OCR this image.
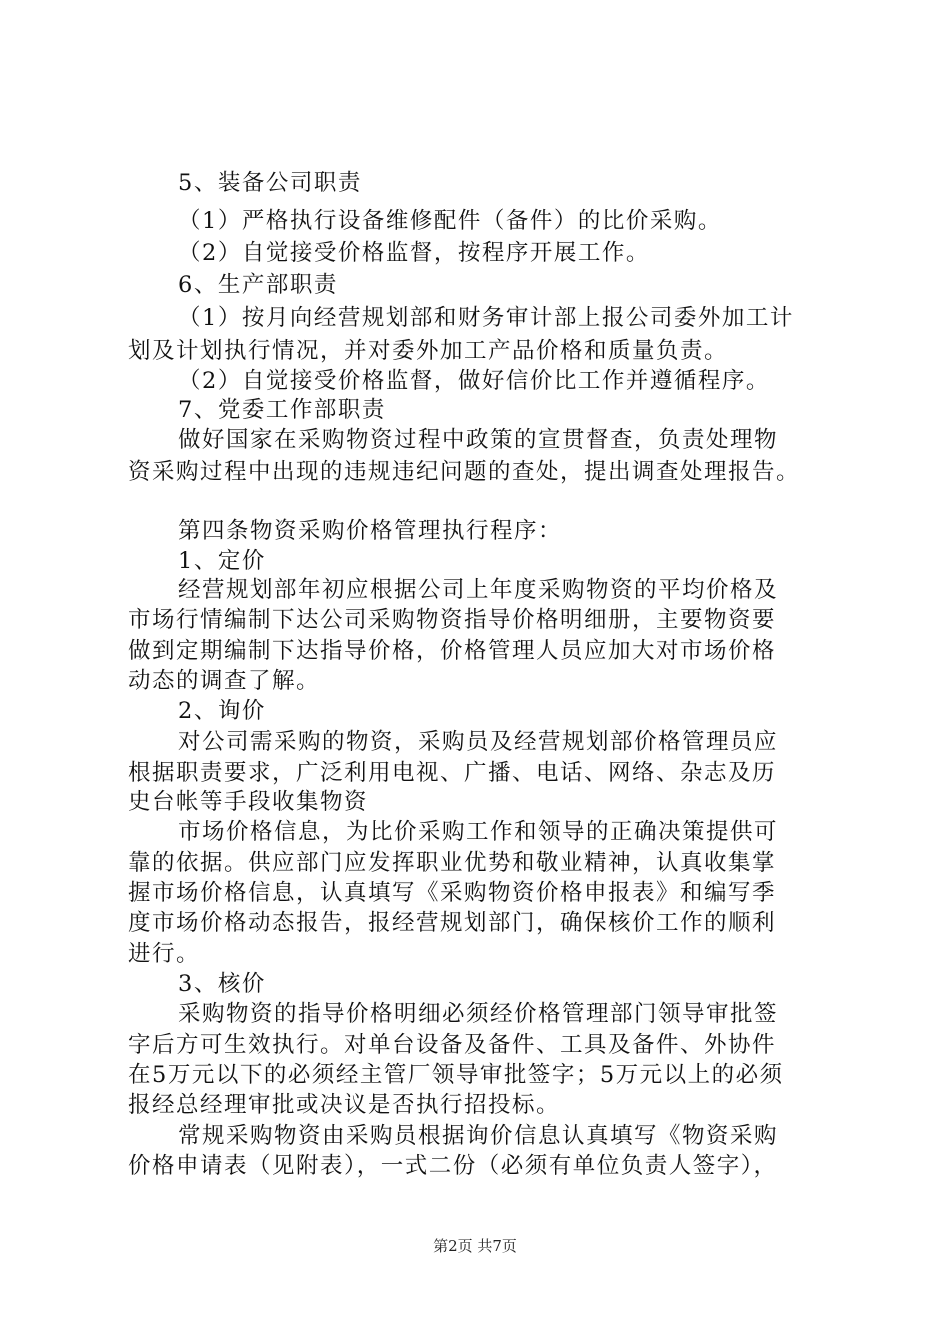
5、装备公司职责
（1）严格执行设备维修配件（备件）的比价采购。
（2）自觉接受价格监督，按程序开展工作。
6、生产部职责
（1）按月向经营规划部和财务审计部上报公司委外加工计
划及计划执行情况，并对委外加工产品价格和质量负责。
（2）自觉接受价格监督，做好信价比工作并遵循程序。
7、党委工作部职责
做好国家在采购物资过程中政策的宣贯督查，负责处理物
资采购过程中出现的违规违纪问题的查处，提出调查处理报告。
第四条物资采购价格管理执行程序：
1、定价
经营规划部年初应根据公司上年度采购物资的平均价格及
市场行情编制下达公司采购物资指导价格明细册，主要物资要
做到定期编制下达指导价格，价格管理人员应加大对市场价格
动态的调查了解。
2、询价
对公司需采购的物资，采购员及经营规划部价格管理员应
根据职责要求，广泛利用电视、广播、电话、网络、杂志及历
史台帐等手段收集物资
市场价格信息，为比价采购工作和领导的正确决策提供可
靠的依据。供应部门应发挥职业优势和敬业精神，认真收集掌
握市场价格信息，认真填写《采购物资价格申报表》和编写季
度市场价格动态报告，报经营规划部门，确保核价工作的顺利
进行。
3、核价
采购物资的指导价格明细必须经价格管理部门领导审批签
字后方可生效执行。对单台设备及备件、工具及备件、外协件
在5万元以下的必须经主管厂领导审批签字；5万元以上的必须
报经总经理审批或决议是否执行招投标。
常规采购物资由采购员根据询价信息认真填写《物资采购
价格申请表（见附表），一式二份（必须有单位负责人签字），
第2页 共7页
